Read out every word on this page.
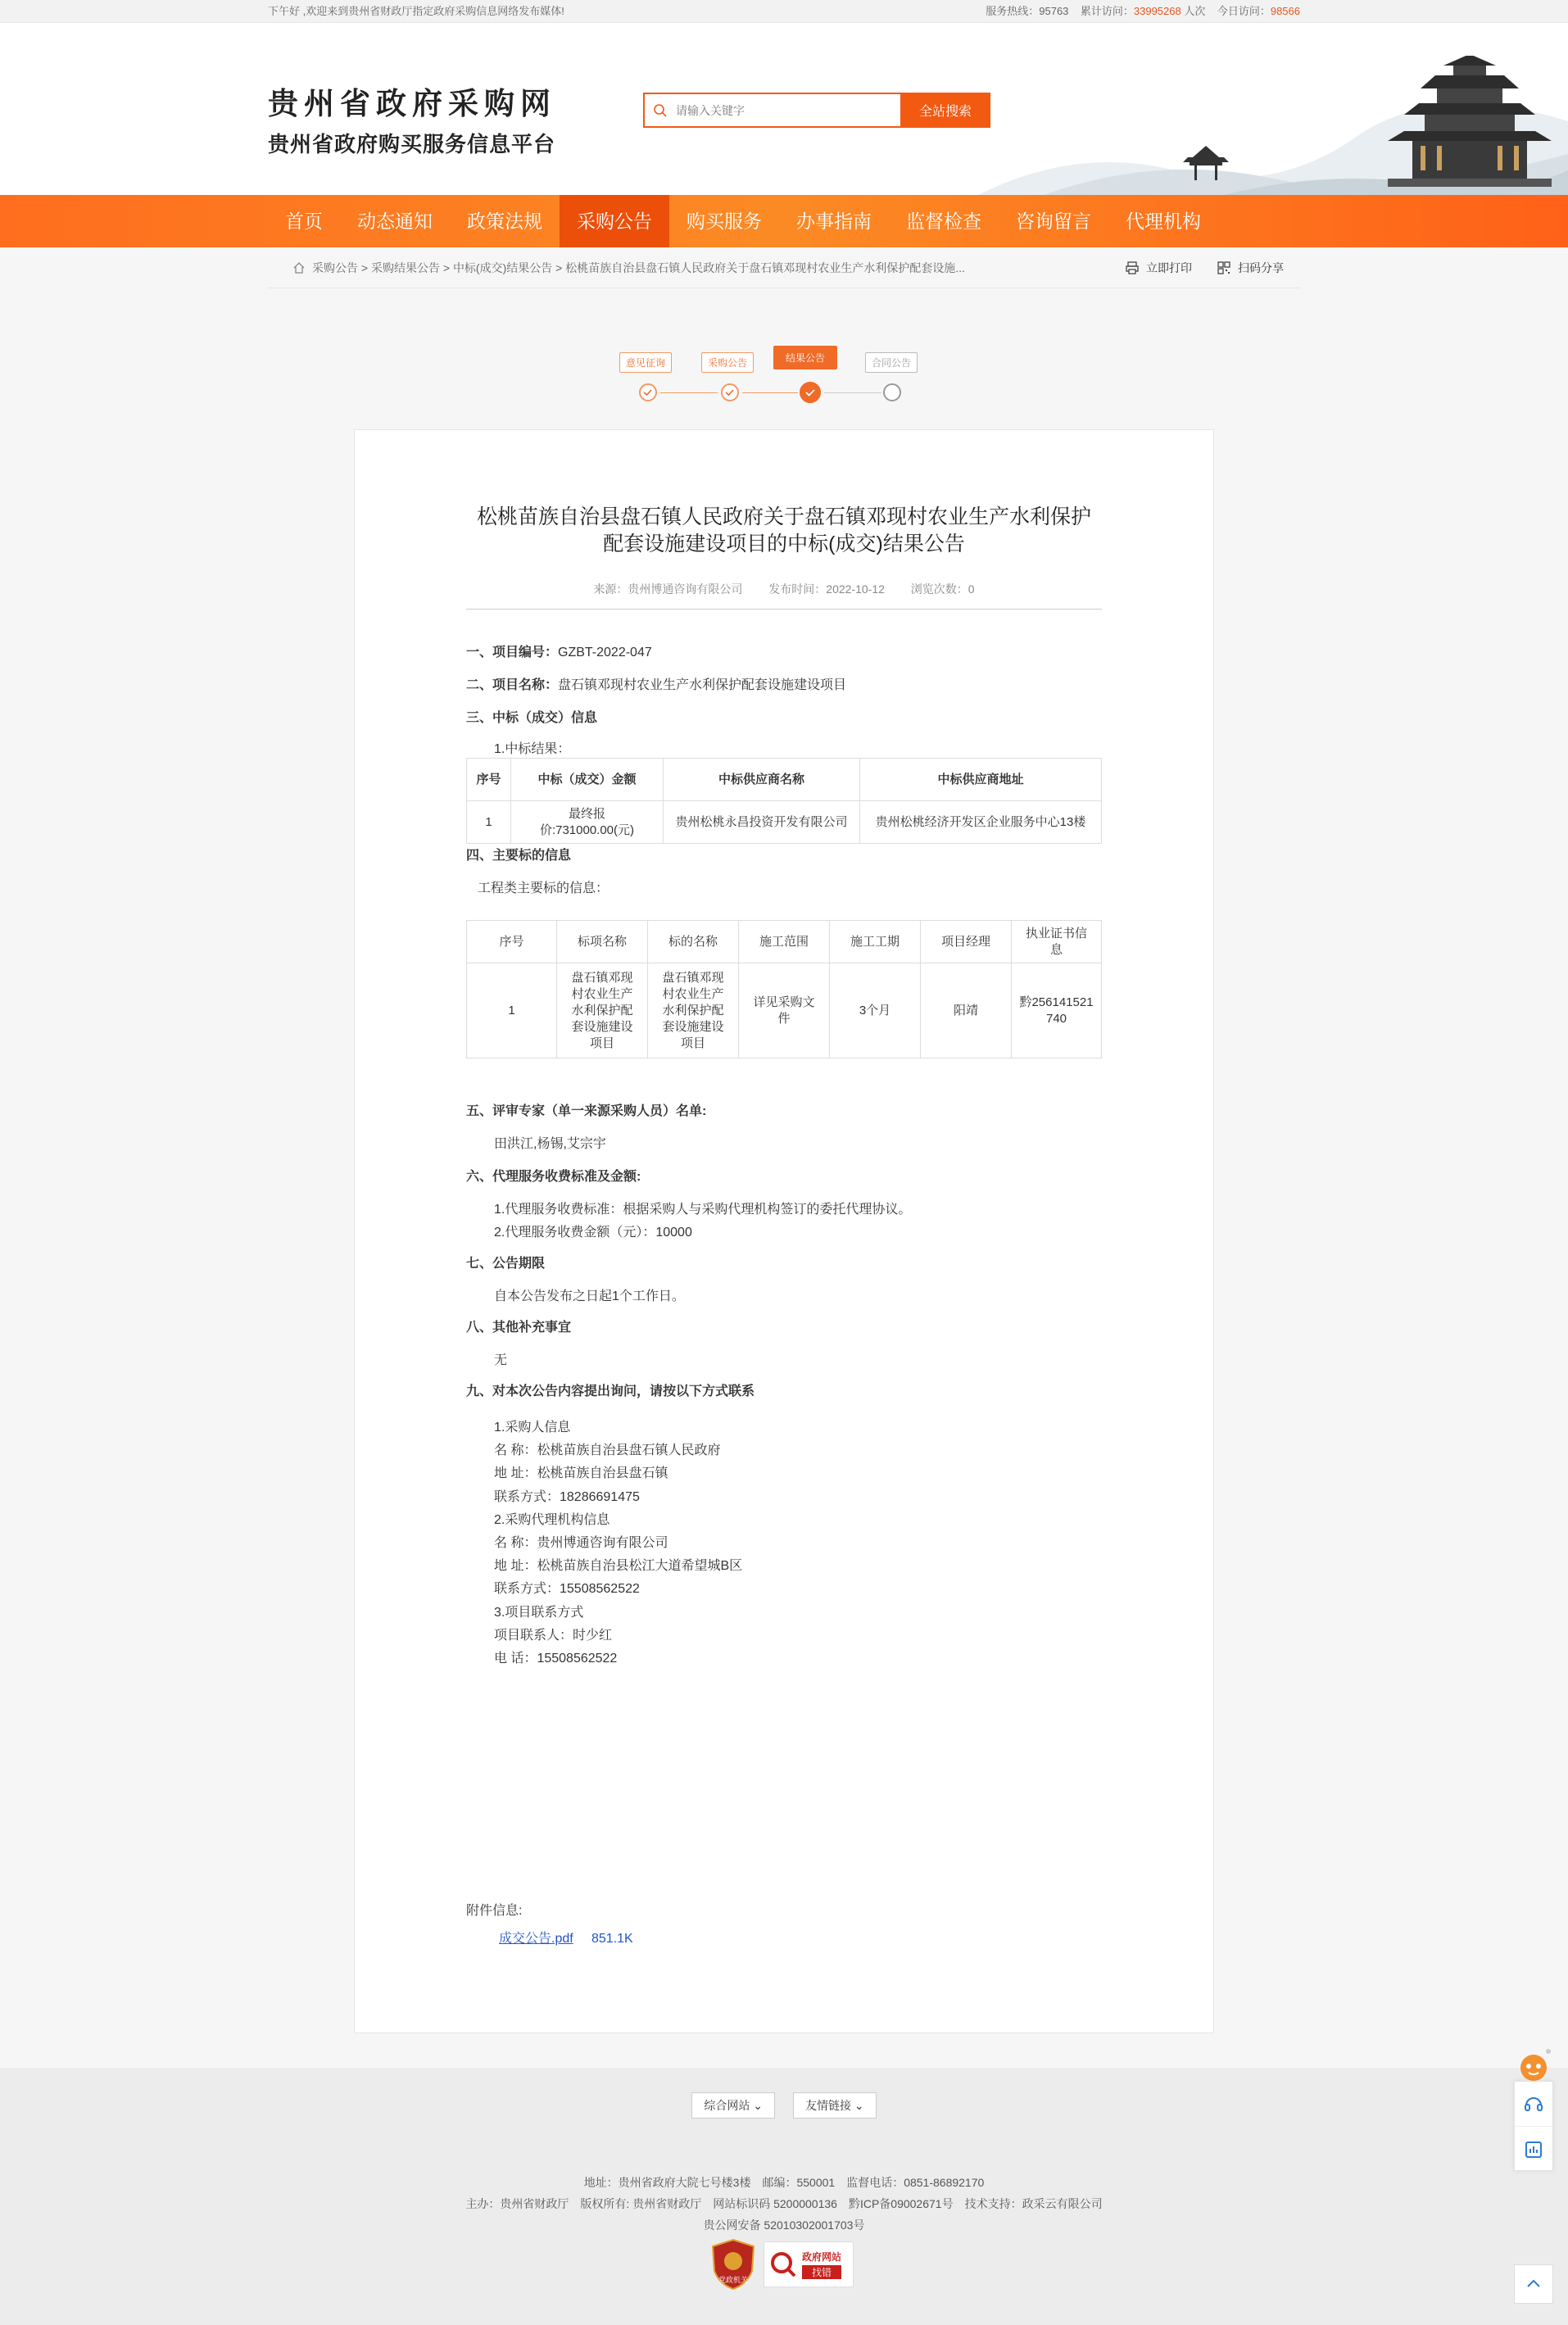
下午好 ,欢迎来到贵州省财政厅指定政府采购信息网络发布媒体!	服务热线：95763 累计访问：33995268 人次 今日访问：98566
贵州省政府采购网
贵州省政府购买服务信息平台
请输入关键字
全站搜索
首页	动态通知	政策法规	采购公告	购买服务	办事指南	监督检查	咨询留言	代理机构
采购公告 > 采购结果公告 > 中标(成交)结果公告 > 松桃苗族自治县盘石镇人民政府关于盘石镇邓现村农业生产水利保护配套设施...	立即打印	扫码分享
意见征询	采购公告	结果公告	合同公告
松桃苗族自治县盘石镇人民政府关于盘石镇邓现村农业生产水利保护
配套设施建设项目的中标(成交)结果公告
来源：贵州博通咨询有限公司 发布时间：2022-10-12 浏览次数：0
一、项目编号：GZBT-2022-047
二、项目名称：盘石镇邓现村农业生产水利保护配套设施建设项目
三、中标（成交）信息
1.中标结果：
序号	中标（成交）金额	中标供应商名称	中标供应商地址
1	最终报价:731000.00(元)	贵州松桃永昌投资开发有限公司	贵州松桃经济开发区企业服务中心13楼
四、主要标的信息
工程类主要标的信息：
序号	标项名称	标的名称	施工范围	施工工期	项目经理	执业证书信息
1	盘石镇邓现村农业生产水利保护配套设施建设项目	盘石镇邓现村农业生产水利保护配套设施建设项目	详见采购文件	3个月	阳靖	黔256141521740
五、评审专家（单一来源采购人员）名单:
田洪江,杨锡,艾宗宇
六、代理服务收费标准及金额:
1.代理服务收费标准：根据采购人与采购代理机构签订的委托代理协议。
2.代理服务收费金额（元）：10000
七、公告期限
自本公告发布之日起1个工作日。
八、其他补充事宜
无
九、对本次公告内容提出询问，请按以下方式联系
1.采购人信息
名 称：松桃苗族自治县盘石镇人民政府
地 址：松桃苗族自治县盘石镇
联系方式：18286691475
2.采购代理机构信息
名 称：贵州博通咨询有限公司
地 址：松桃苗族自治县松江大道希望城B区
联系方式：15508562522
3.项目联系方式
项目联系人：时少红
电 话：15508562522
附件信息:
成交公告.pdf 851.1K
综合网站 ⌄	友情链接 ⌄
地址：贵州省政府大院七号楼3楼　邮编：550001　监督电话：0851-86892170
主办：贵州省财政厅　版权所有: 贵州省财政厅　网站标识码 5200000136　黔ICP备09002671号　技术支持：政采云有限公司
贵公网安备 52010302001703号
党政机关
政府网站
找错
